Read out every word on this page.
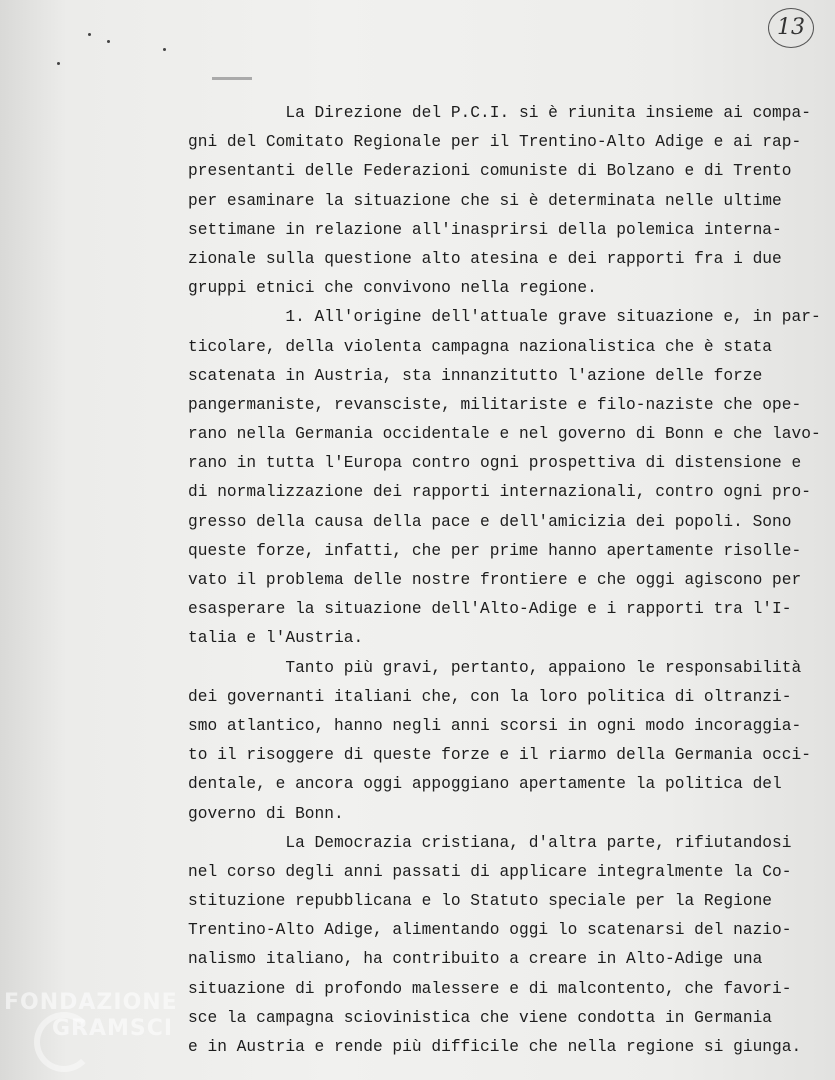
13
La Direzione del P.C.I. si è riunita insieme ai compa-
gni del Comitato Regionale per il Trentino-Alto Adige e ai rap-
presentanti delle Federazioni comuniste di Bolzano e di Trento
per esaminare la situazione che si è determinata nelle ultime
settimane in relazione all'inasprirsi della polemica interna-
zionale sulla questione alto atesina e dei rapporti fra i due
gruppi etnici che convivono nella regione.
1. All'origine dell'attuale grave situazione e, in par-
ticolare, della violenta campagna nazionalistica che è stata
scatenata in Austria, sta innanzitutto l'azione delle forze
pangermaniste, revansciste, militariste e filo-naziste che ope-
rano nella Germania occidentale e nel governo di Bonn e che lavo-
rano in tutta l'Europa contro ogni prospettiva di distensione e
di normalizzazione dei rapporti internazionali, contro ogni pro-
gresso della causa della pace e dell'amicizia dei popoli. Sono
queste forze, infatti, che per prime hanno apertamente risolle-
vato il problema delle nostre frontiere e che oggi agiscono per
esasperare la situazione dell'Alto-Adige e i rapporti tra l'I-
talia e l'Austria.
Tanto più gravi, pertanto, appaiono le responsabilità
dei governanti italiani che, con la loro politica di oltranzi-
smo atlantico, hanno negli anni scorsi in ogni modo incoraggia-
to il risoggere di queste forze e il riarmo della Germania occi-
dentale, e ancora oggi appoggiano apertamente la politica del
governo di Bonn.
La Democrazia cristiana, d'altra parte, rifiutandosi
nel corso degli anni passati di applicare integralmente la Co-
stituzione repubblicana e lo Statuto speciale per la Regione
Trentino-Alto Adige, alimentando oggi lo scatenarsi del nazio-
nalismo italiano, ha contribuito a creare in Alto-Adige una
situazione di profondo malessere e di malcontento, che favori-
sce la campagna sciovinistica che viene condotta in Germania
e in Austria e rende più difficile che nella regione si giunga.
FONDAZIONE
GRAMSCI
